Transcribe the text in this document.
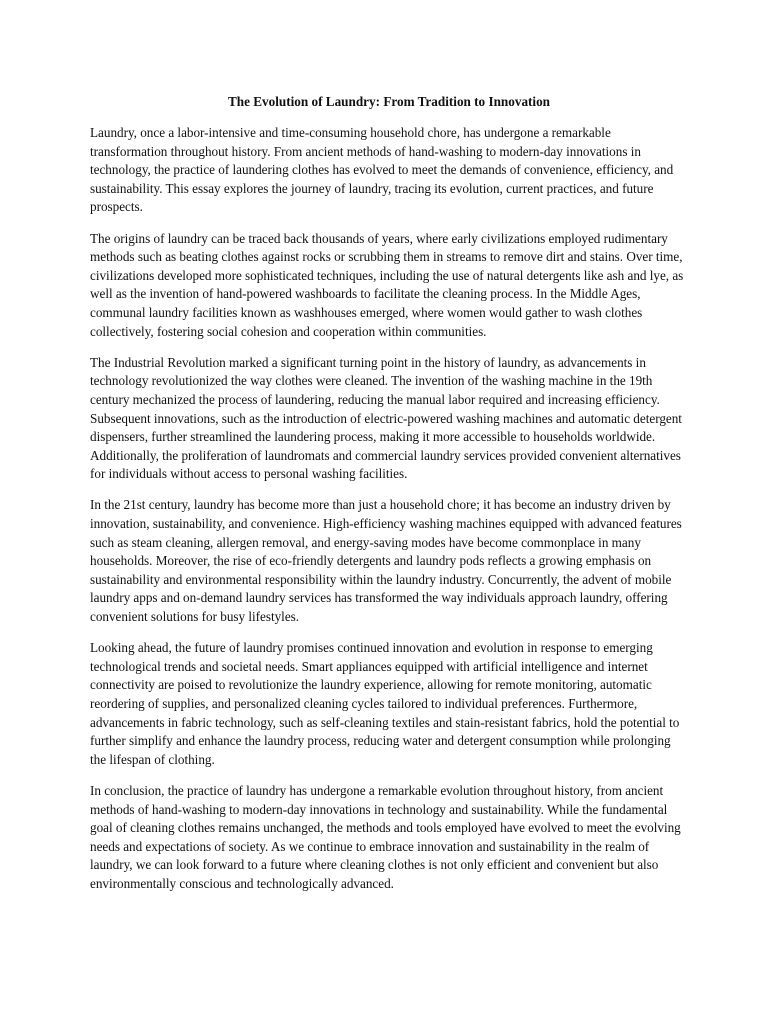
The Evolution of Laundry: From Tradition to Innovation

Laundry, once a labor-intensive and time-consuming household chore, has undergone a remarkable transformation throughout history. From ancient methods of hand-washing to modern-day innovations in technology, the practice of laundering clothes has evolved to meet the demands of convenience, efficiency, and sustainability. This essay explores the journey of laundry, tracing its evolution, current practices, and future prospects.

The origins of laundry can be traced back thousands of years, where early civilizations employed rudimentary methods such as beating clothes against rocks or scrubbing them in streams to remove dirt and stains. Over time, civilizations developed more sophisticated techniques, including the use of natural detergents like ash and lye, as well as the invention of hand-powered washboards to facilitate the cleaning process. In the Middle Ages, communal laundry facilities known as washhouses emerged, where women would gather to wash clothes collectively, fostering social cohesion and cooperation within communities.

The Industrial Revolution marked a significant turning point in the history of laundry, as advancements in technology revolutionized the way clothes were cleaned. The invention of the washing machine in the 19th century mechanized the process of laundering, reducing the manual labor required and increasing efficiency. Subsequent innovations, such as the introduction of electric-powered washing machines and automatic detergent dispensers, further streamlined the laundering process, making it more accessible to households worldwide. Additionally, the proliferation of laundromats and commercial laundry services provided convenient alternatives for individuals without access to personal washing facilities.

In the 21st century, laundry has become more than just a household chore; it has become an industry driven by innovation, sustainability, and convenience. High-efficiency washing machines equipped with advanced features such as steam cleaning, allergen removal, and energy-saving modes have become commonplace in many households. Moreover, the rise of eco-friendly detergents and laundry pods reflects a growing emphasis on sustainability and environmental responsibility within the laundry industry. Concurrently, the advent of mobile laundry apps and on-demand laundry services has transformed the way individuals approach laundry, offering convenient solutions for busy lifestyles.

Looking ahead, the future of laundry promises continued innovation and evolution in response to emerging technological trends and societal needs. Smart appliances equipped with artificial intelligence and internet connectivity are poised to revolutionize the laundry experience, allowing for remote monitoring, automatic reordering of supplies, and personalized cleaning cycles tailored to individual preferences. Furthermore, advancements in fabric technology, such as self-cleaning textiles and stain-resistant fabrics, hold the potential to further simplify and enhance the laundry process, reducing water and detergent consumption while prolonging the lifespan of clothing.

In conclusion, the practice of laundry has undergone a remarkable evolution throughout history, from ancient methods of hand-washing to modern-day innovations in technology and sustainability. While the fundamental goal of cleaning clothes remains unchanged, the methods and tools employed have evolved to meet the evolving needs and expectations of society. As we continue to embrace innovation and sustainability in the realm of laundry, we can look forward to a future where cleaning clothes is not only efficient and convenient but also environmentally conscious and technologically advanced.
